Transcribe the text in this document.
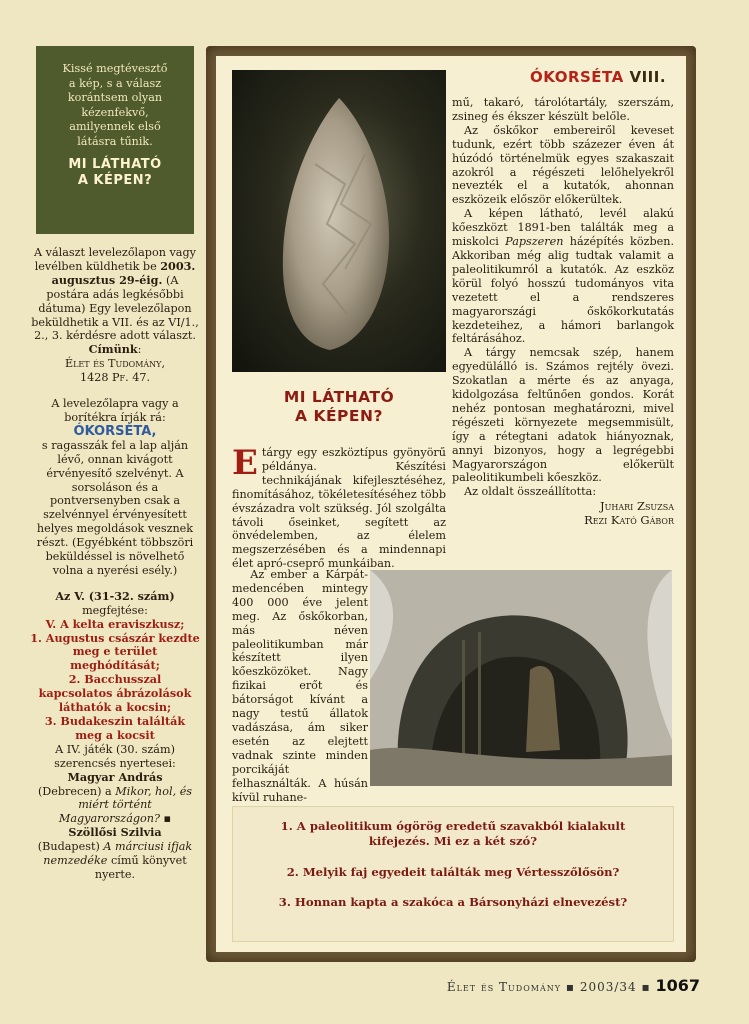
Kissé megtévesztő
a kép, s a válasz
korántsem olyan
kézenfekvő,
amilyennek első
látásra tűnik.
MI LÁTHATÓ
A KÉPEN?

A választ levelezőlapon vagy levélben küldhetik be 2003. augusztus 29-éig. (A postára adás legkésőbbi dátuma) Egy levelezőlapon beküldhetik a VII. és az VI/1., 2., 3. kérdésre adott választ.

Címünk:
Élet és Tudomány,
1428 Pf. 47.

A levelezőlapra vagy a borítékra írják rá:
ÓKORSÉTA,
s ragasszák fel a lap alján lévő, onnan kivágott érvényesítő szelvényt. A sorsoláson és a pontversenyben csak a szelvénnyel érvényesített helyes megoldások vesznek részt. (Egyébként többszöri beküldéssel is növelhető volna a nyerési esély.)

Az V. (31-32. szám)
megfejtése:
V. A kelta eraviszkusz;
1. Augustus császár kezdte meg e terület meghódítását;
2. Bacchusszal kapcsolatos ábrázolások láthatók a kocsin;
3. Budakeszin találták meg a kocsit

A IV. játék (30. szám) szerencsés nyertesei:
Magyar András
(Debrecen) a Mikor, hol, és miért történt Magyarországon? ▪
Szöllősi Szilvia
(Budapest) A márciusi ifjak nemzedéke című könyvet nyerte.

ÓKORSÉTA VIII.
MI LÁTHATÓ
A KÉPEN?
Etárgy egy eszköztípus gyönyörű példánya. Készítési technikájának kifejlesztéséhez, finomításához, tökéletesítéséhez több évszázadra volt szükség. Jól szolgálta távoli őseinket, segített az önvédelemben, az élelem megszerzésében és a mindennapi élet apró-cseprő munkáiban.
Az ember a Kárpát-medencében mintegy 400 000 éve jelent meg. Az őskőkorban, más néven paleolitikumban már készített ilyen kőeszközöket. Nagy fizikai erőt és bátorságot kívánt a nagy testű állatok vadászása, ám siker esetén az elejtett vadnak szinte minden porcikáját felhasználták. A húsán kívül ruhane-

mű, takaró, tárolótartály, szerszám, zsineg és ékszer készült belőle.

Az őskőkor embereiről keveset tudunk, ezért több százezer éven át húzódó történelmük egyes szakaszait azokról a régészeti lelőhelyekről nevezték el a kutatók, ahonnan eszközeik először előkerültek.

A képen látható, levél alakú kőeszközt 1891-ben találták meg a miskolci Papszeren házépítés közben. Akkoriban még alig tudtak valamit a paleolitikumról a kutatók. Az eszköz körül folyó hosszú tudományos vita vezetett el a rendszeres magyarországi őskőkorkutatás kezdeteihez, a hámori barlangok feltárásához.

A tárgy nemcsak szép, hanem egyedülálló is. Számos rejtély övezi. Szokatlan a mérte és az anyaga, kidolgozása feltűnően gondos. Korát nehéz pontosan meghatározni, mivel régészeti környezete megsemmisült, így a rétegtani adatok hiányoznak, annyi bizonyos, hogy a legrégebbi Magyarországon előkerült paleolitikumbeli kőeszköz.

Az oldalt összeállította:

Juhari Zsuzsa
Rezi Kató Gábor
1. A paleolitikum ógörög eredetű szavakból kialakult
kifejezés. Mi ez a két szó?
2. Melyik faj egyedeit találták meg Vértesszőlősön?
3. Honnan kapta a szakócа a Bársonyházi elnevezést?
Élet és Tudomány ▪ 2003/34 ▪ 1067
